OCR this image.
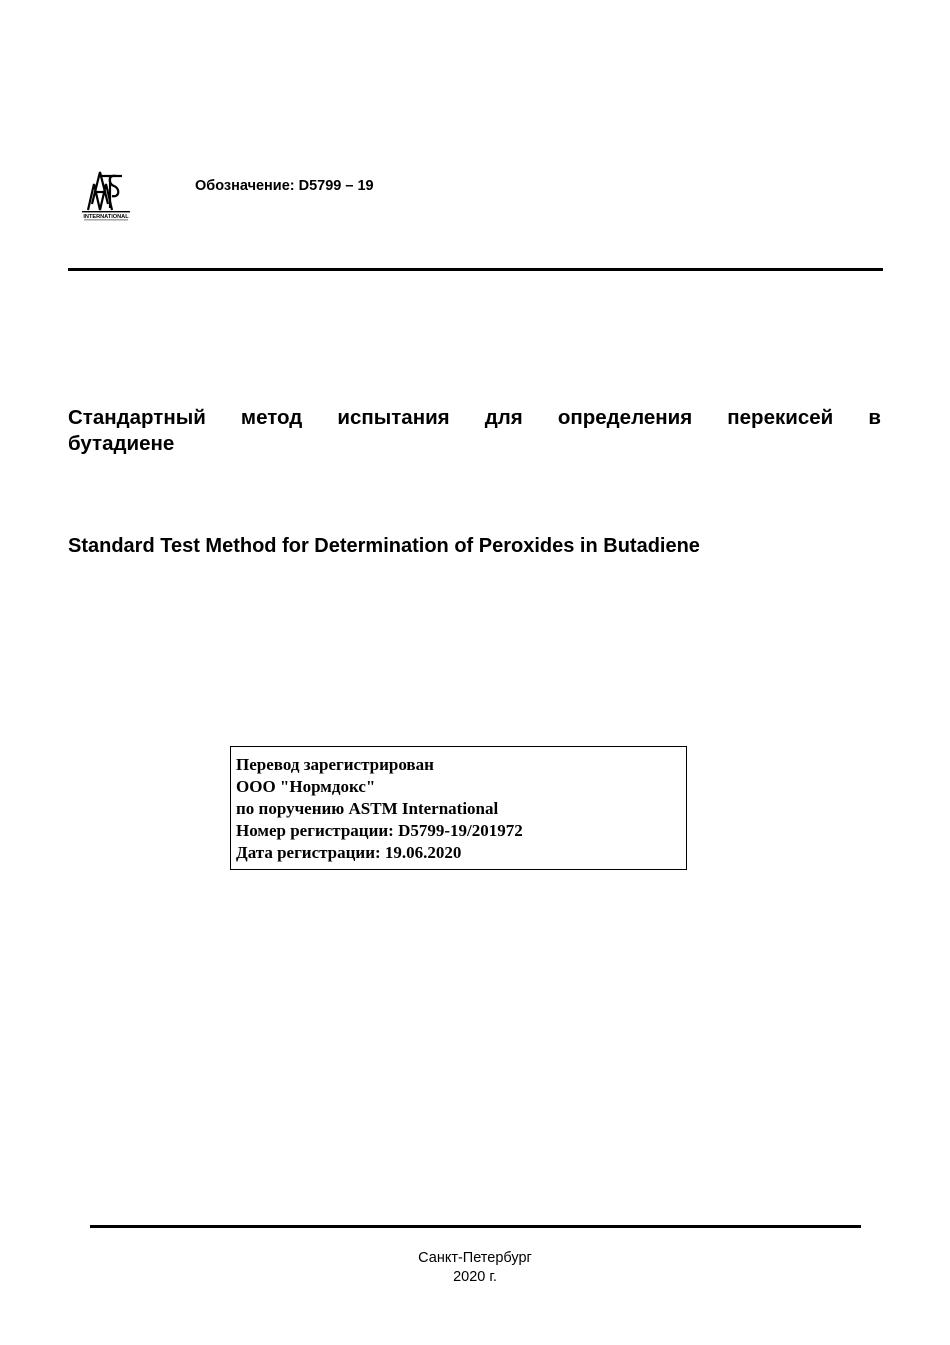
INTERNATIONAL
Обозначение: D5799 – 19
Стандартный метод испытания для определения перекисей в
бутадиене
Standard Test Method for Determination of Peroxides in Butadiene
Перевод зарегистрирован
ООО "Нормдокс"
по поручению ASTM International
Номер регистрации: D5799-19/201972
Дата регистрации: 19.06.2020
Санкт-Петербург
2020 г.
